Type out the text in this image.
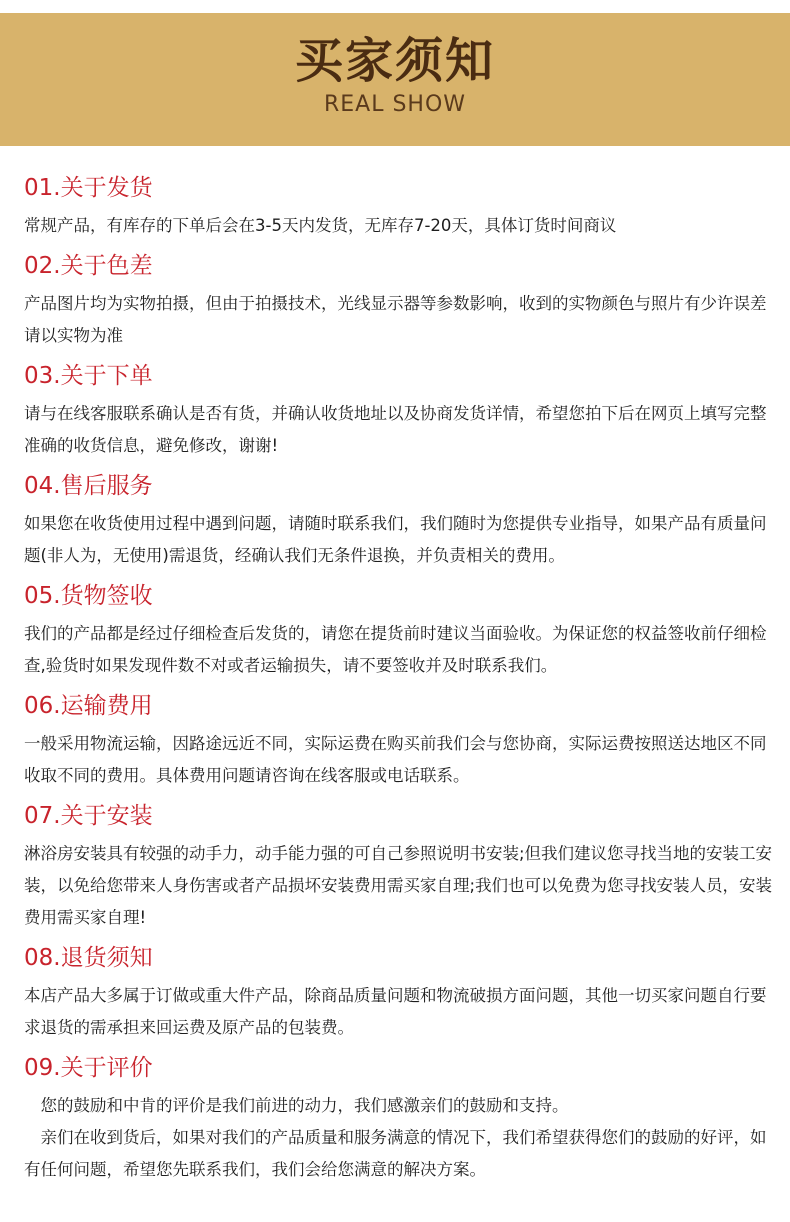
买家须知
REAL SHOW

01.关于发货

常规产品，有库存的下单后会在3-5天内发货，无库存7-20天，具体订货时间商议

02.关于色差

产品图片均为实物拍摄，但由于拍摄技术，光线显示器等参数影响，收到的实物颜色与照片有少许误差请以实物为准

03.关于下单

请与在线客服联系确认是否有货，并确认收货地址以及协商发货详情，希望您拍下后在网页上填写完整准确的收货信息，避免修改，谢谢!

04.售后服务

如果您在收货使用过程中遇到问题，请随时联系我们，我们随时为您提供专业指导，如果产品有质量问题(非人为，无使用)需退货，经确认我们无条件退换，并负责相关的费用。

05.货物签收

我们的产品都是经过仔细检查后发货的，请您在提货前时建议当面验收。为保证您的权益签收前仔细检查,验货时如果发现件数不对或者运输损失，请不要签收并及时联系我们。

06.运输费用

一般采用物流运输，因路途远近不同，实际运费在购买前我们会与您协商，实际运费按照送达地区不同收取不同的费用。具体费用问题请咨询在线客服或电话联系。

07.关于安装

淋浴房安装具有较强的动手力，动手能力强的可自己参照说明书安装;但我们建议您寻找当地的安装工安装，以免给您带来人身伤害或者产品损坏安装费用需买家自理;我们也可以免费为您寻找安装人员，安装费用需买家自理!

08.退货须知

本店产品大多属于订做或重大件产品，除商品质量问题和物流破损方面问题，其他一切买家问题自行要求退货的需承担来回运费及原产品的包装费。

09.关于评价

您的鼓励和中肯的评价是我们前进的动力，我们感激亲们的鼓励和支持。

亲们在收到货后，如果对我们的产品质量和服务满意的情况下，我们希望获得您们的鼓励的好评，如有任何问题，希望您先联系我们，我们会给您满意的解决方案。
